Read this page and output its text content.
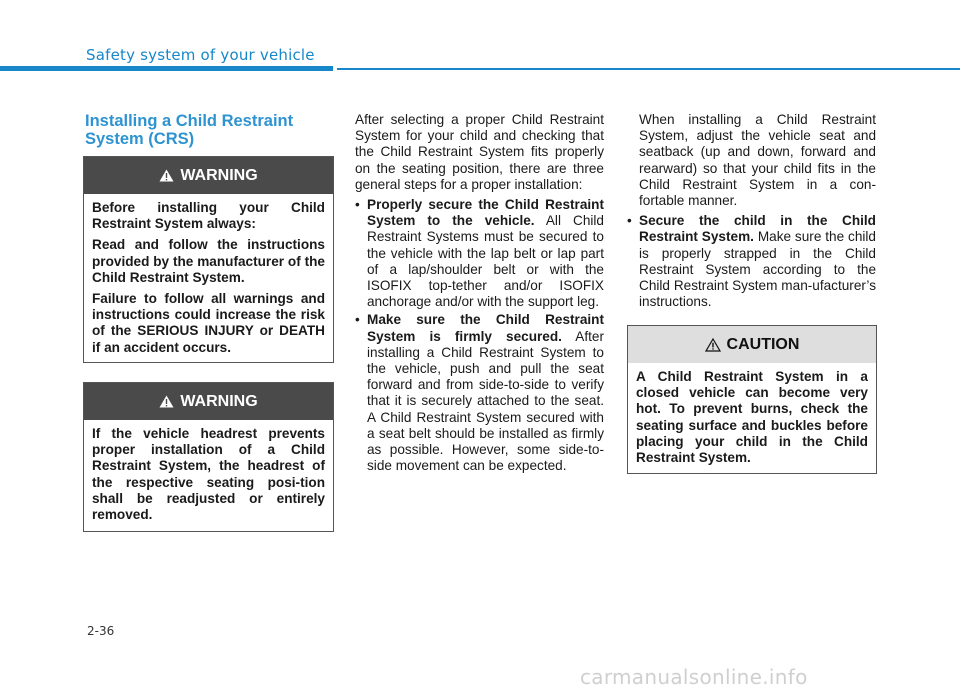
Safety system of your vehicle
Installing a Child Restraint System (CRS)
WARNING

Before installing your Child Restraint System always:

Read and follow the instructions provided by the manufacturer of the Child Restraint System.

Failure to follow all warnings and instructions could increase the risk of the SERIOUS INJURY or DEATH if an accident occurs.

WARNING

If the vehicle headrest prevents proper installation of a Child Restraint System, the headrest of the respective seating posi-tion shall be readjusted or entirely removed.

After selecting a proper Child Restraint System for your child and checking that the Child Restraint System fits properly on the seating position, there are three general steps for a proper installation:

• Properly secure the Child Restraint System to the vehicle. All Child Restraint Systems must be secured to the vehicle with the lap belt or lap part of a lap/shoulder belt or with the ISOFIX top-tether and/or ISOFIX anchorage and/or with the support leg.
• Make sure the Child Restraint System is firmly secured. After installing a Child Restraint System to the vehicle, push and pull the seat forward and from side-to-side to verify that it is securely attached to the seat. A Child Restraint System secured with a seat belt should be installed as firmly as possible. However, some side-to-side movement can be expected.

When installing a Child Restraint System, adjust the vehicle seat and seatback (up and down, forward and rearward) so that your child fits in the Child Restraint System in a con-fortable manner.

• Secure the child in the Child Restraint System. Make sure the child is properly strapped in the Child Restraint System according to the Child Restraint System man-ufacturer’s instructions.
CAUTION

A Child Restraint System in a closed vehicle can become very hot. To prevent burns, check the seating surface and buckles before placing your child in the Child Restraint System.

2-36
carmanualsonline.info
